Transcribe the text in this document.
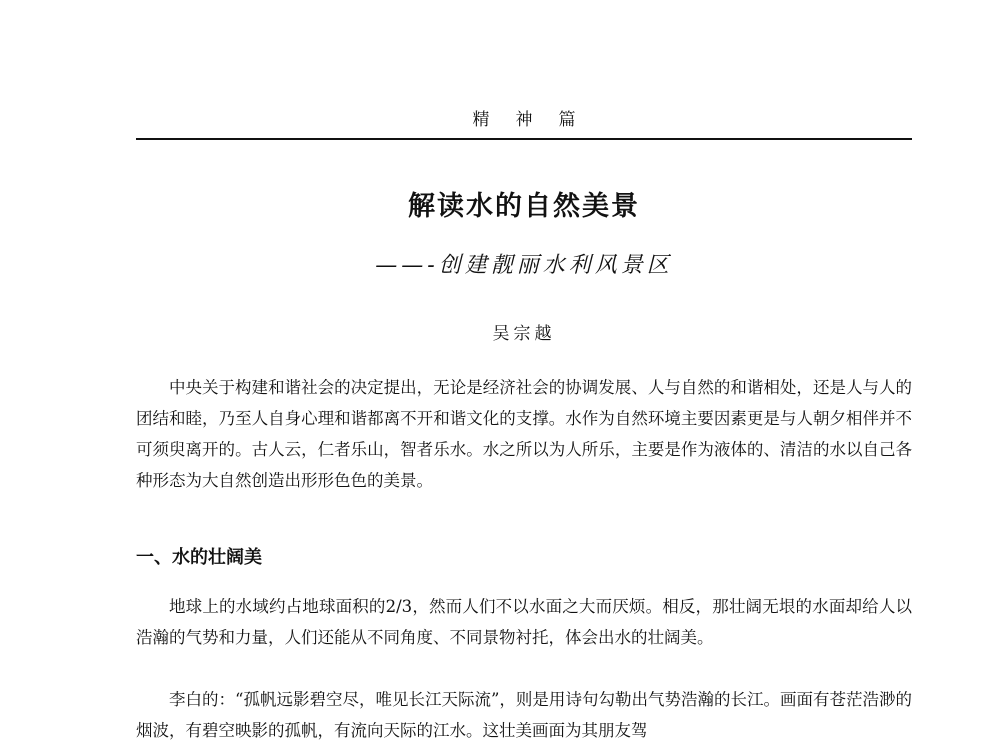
精神篇
解读水的自然美景
——-创建靓丽水利风景区
吴宗越

中央关于构建和谐社会的决定提出，无论是经济社会的协调发展、人与自然的和谐相处，还是人与人的团结和睦，乃至人自身心理和谐都离不开和谐文化的支撑。水作为自然环境主要因素更是与人朝夕相伴并不可须臾离开的。古人云，仁者乐山，智者乐水。水之所以为人所乐，主要是作为液体的、清洁的水以自己各种形态为大自然创造出形形色色的美景。

一、水的壮阔美

地球上的水域约占地球面积的2/3，然而人们不以水面之大而厌烦。相反，那壮阔无垠的水面却给人以浩瀚的气势和力量，人们还能从不同角度、不同景物衬托，体会出水的壮阔美。

李白的：“孤帆远影碧空尽，唯见长江天际流”，则是用诗句勾勒出气势浩瀚的长江。画面有苍茫浩渺的烟波，有碧空映影的孤帆，有流向天际的江水。这壮美画面为其朋友驾
